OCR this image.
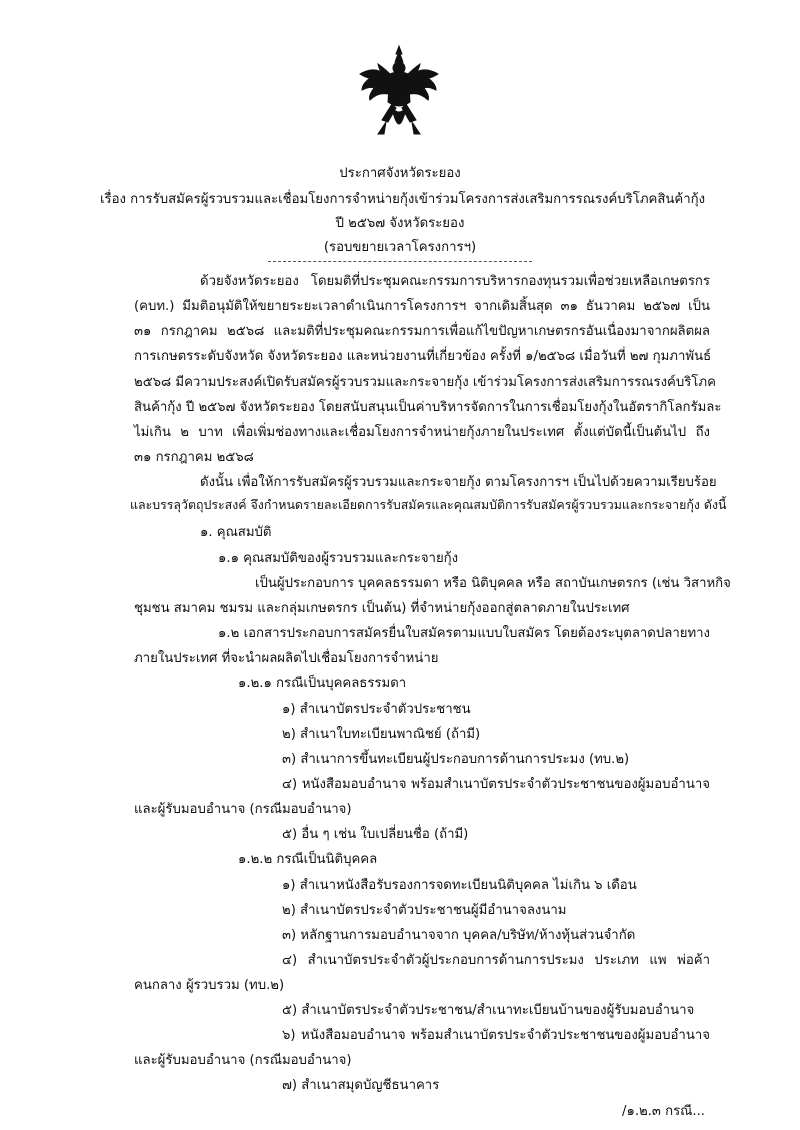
ประกาศจังหวัดระยอง
เรื่อง การรับสมัครผู้รวบรวมและเชื่อมโยงการจำหน่ายกุ้งเข้าร่วมโครงการส่งเสริมการรณรงค์บริโภคสินค้ากุ้ง
ปี ๒๕๖๗ จังหวัดระยอง
(รอบขยายเวลาโครงการฯ)
ด้วยจังหวัดระยอง โดยมติที่ประชุมคณะกรรมการบริหารกองทุนรวมเพื่อช่วยเหลือเกษตรกร
(คบท.) มีมติอนุมัติให้ขยายระยะเวลาดำเนินการโครงการฯ จากเดิมสิ้นสุด ๓๑ ธันวาคม ๒๕๖๗ เป็น
๓๑ กรกฎาคม ๒๕๖๘ และมติที่ประชุมคณะกรรมการเพื่อแก้ไขปัญหาเกษตรกรอันเนื่องมาจากผลิตผล
การเกษตรระดับจังหวัด จังหวัดระยอง และหน่วยงานที่เกี่ยวข้อง ครั้งที่ ๑/๒๕๖๘ เมื่อวันที่ ๒๗ กุมภาพันธ์
๒๕๖๘ มีความประสงค์เปิดรับสมัครผู้รวบรวมและกระจายกุ้ง เข้าร่วมโครงการส่งเสริมการรณรงค์บริโภค
สินค้ากุ้ง ปี ๒๕๖๗ จังหวัดระยอง โดยสนับสนุนเป็นค่าบริหารจัดการในการเชื่อมโยงกุ้งในอัตรากิโลกรัมละ
ไม่เกิน ๒ บาท เพื่อเพิ่มช่องทางและเชื่อมโยงการจำหน่ายกุ้งภายในประเทศ ตั้งแต่บัดนี้เป็นต้นไป ถึง
๓๑ กรกฎาคม ๒๕๖๘
ดังนั้น เพื่อให้การรับสมัครผู้รวบรวมและกระจายกุ้ง ตามโครงการฯ เป็นไปด้วยความเรียบร้อย
และบรรลุวัตถุประสงค์ จึงกำหนดรายละเอียดการรับสมัครและคุณสมบัติการรับสมัครผู้รวบรวมและกระจายกุ้ง ดังนี้
๑. คุณสมบัติ
๑.๑ คุณสมบัติของผู้รวบรวมและกระจายกุ้ง
เป็นผู้ประกอบการ บุคคลธรรมดา หรือ นิติบุคคล หรือ สถาบันเกษตรกร (เช่น วิสาหกิจ
ชุมชน สมาคม ชมรม และกลุ่มเกษตรกร เป็นต้น) ที่จำหน่ายกุ้งออกสู่ตลาดภายในประเทศ
๑.๒ เอกสารประกอบการสมัครยื่นใบสมัครตามแบบใบสมัคร โดยต้องระบุตลาดปลายทาง
ภายในประเทศ ที่จะนำผลผลิตไปเชื่อมโยงการจำหน่าย
๑.๒.๑ กรณีเป็นบุคคลธรรมดา
๑) สำเนาบัตรประจำตัวประชาชน
๒) สำเนาใบทะเบียนพาณิชย์ (ถ้ามี)
๓) สำเนาการขึ้นทะเบียนผู้ประกอบการด้านการประมง (ทบ.๒)
๔) หนังสือมอบอำนาจ พร้อมสำเนาบัตรประจำตัวประชาชนของผู้มอบอำนาจ
และผู้รับมอบอำนาจ (กรณีมอบอำนาจ)
๕) อื่น ๆ เช่น ใบเปลี่ยนชื่อ (ถ้ามี)
๑.๒.๒ กรณีเป็นนิติบุคคล
๑) สำเนาหนังสือรับรองการจดทะเบียนนิติบุคคล ไม่เกิน ๖ เดือน
๒) สำเนาบัตรประจำตัวประชาชนผู้มีอำนาจลงนาม
๓) หลักฐานการมอบอำนาจจาก บุคคล/บริษัท/ห้างหุ้นส่วนจำกัด
๔) สำเนาบัตรประจำตัวผู้ประกอบการด้านการประมง ประเภท แพ พ่อค้า
คนกลาง ผู้รวบรวม (ทบ.๒)
๕) สำเนาบัตรประจำตัวประชาชน/สำเนาทะเบียนบ้านของผู้รับมอบอำนาจ
๖) หนังสือมอบอำนาจ พร้อมสำเนาบัตรประจำตัวประชาชนของผู้มอบอำนาจ
และผู้รับมอบอำนาจ (กรณีมอบอำนาจ)
๗) สำเนาสมุดบัญชีธนาคาร
/๑.๒.๓ กรณี...
